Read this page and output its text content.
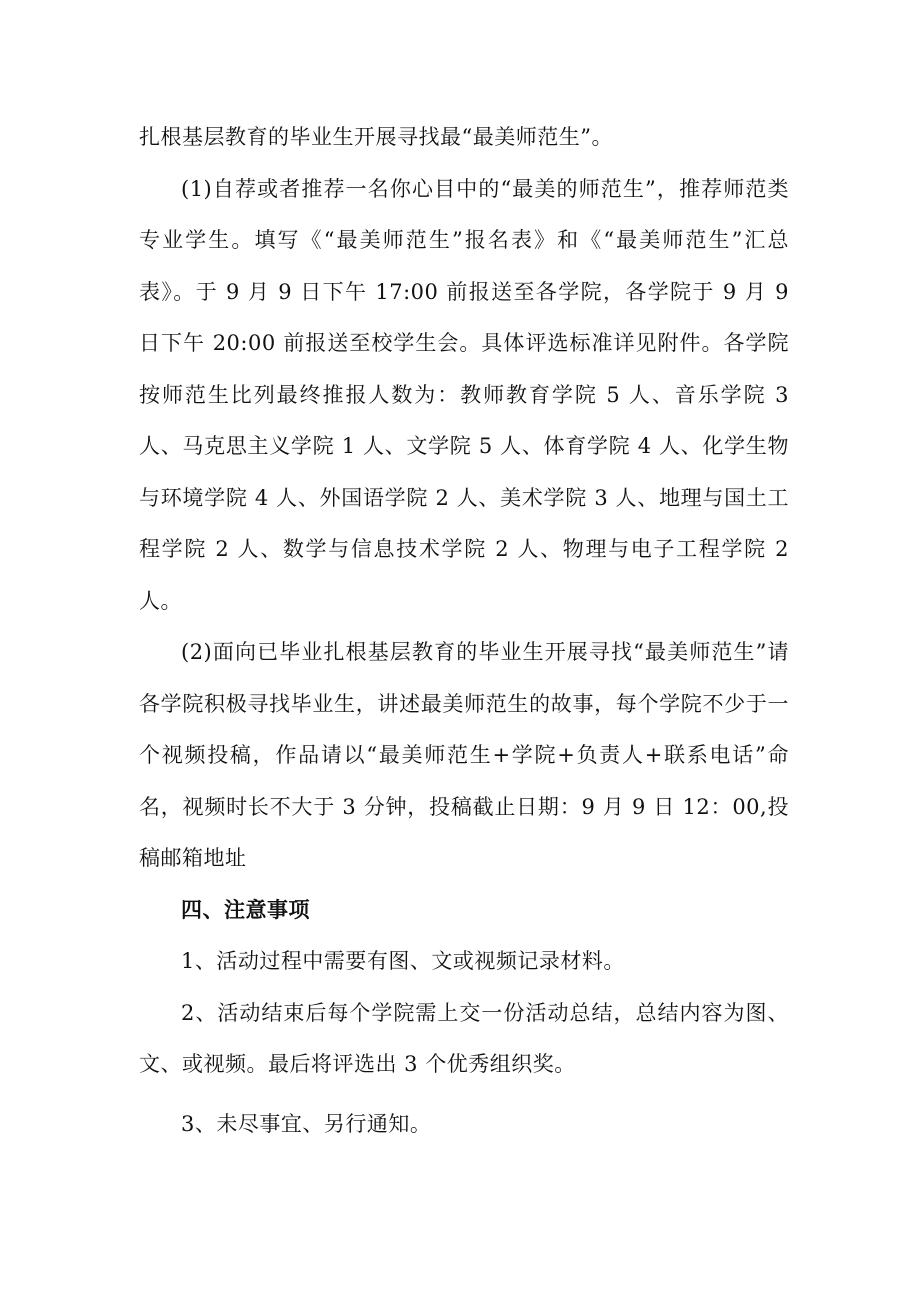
扎根基层教育的毕业生开展寻找最“最美师范生”。

(1)自荐或者推荐一名你心目中的“最美的师范生”，推荐师范类专业学生。填写《“最美师范生”报名表》和《“最美师范生”汇总表》。于 9 月 9 日下午 17:00 前报送至各学院，各学院于 9 月 9 日下午 20:00 前报送至校学生会。具体评选标准详见附件。各学院按师范生比列最终推报人数为：教师教育学院 5 人、音乐学院 3 人、马克思主义学院 1 人、文学院 5 人、体育学院 4 人、化学生物与环境学院 4 人、外国语学院 2 人、美术学院 3 人、地理与国土工程学院 2 人、数学与信息技术学院 2 人、物理与电子工程学院 2 人。

(2)面向已毕业扎根基层教育的毕业生开展寻找“最美师范生”请各学院积极寻找毕业生，讲述最美师范生的故事，每个学院不少于一个视频投稿，作品请以“最美师范生+学院+负责人+联系电话”命名，视频时长不大于 3 分钟，投稿截止日期：9 月 9 日 12：00,投稿邮箱地址

四、注意事项

1、活动过程中需要有图、文或视频记录材料。

2、活动结束后每个学院需上交一份活动总结，总结内容为图、文、或视频。最后将评选出 3 个优秀组织奖。

3、未尽事宜、另行通知。
